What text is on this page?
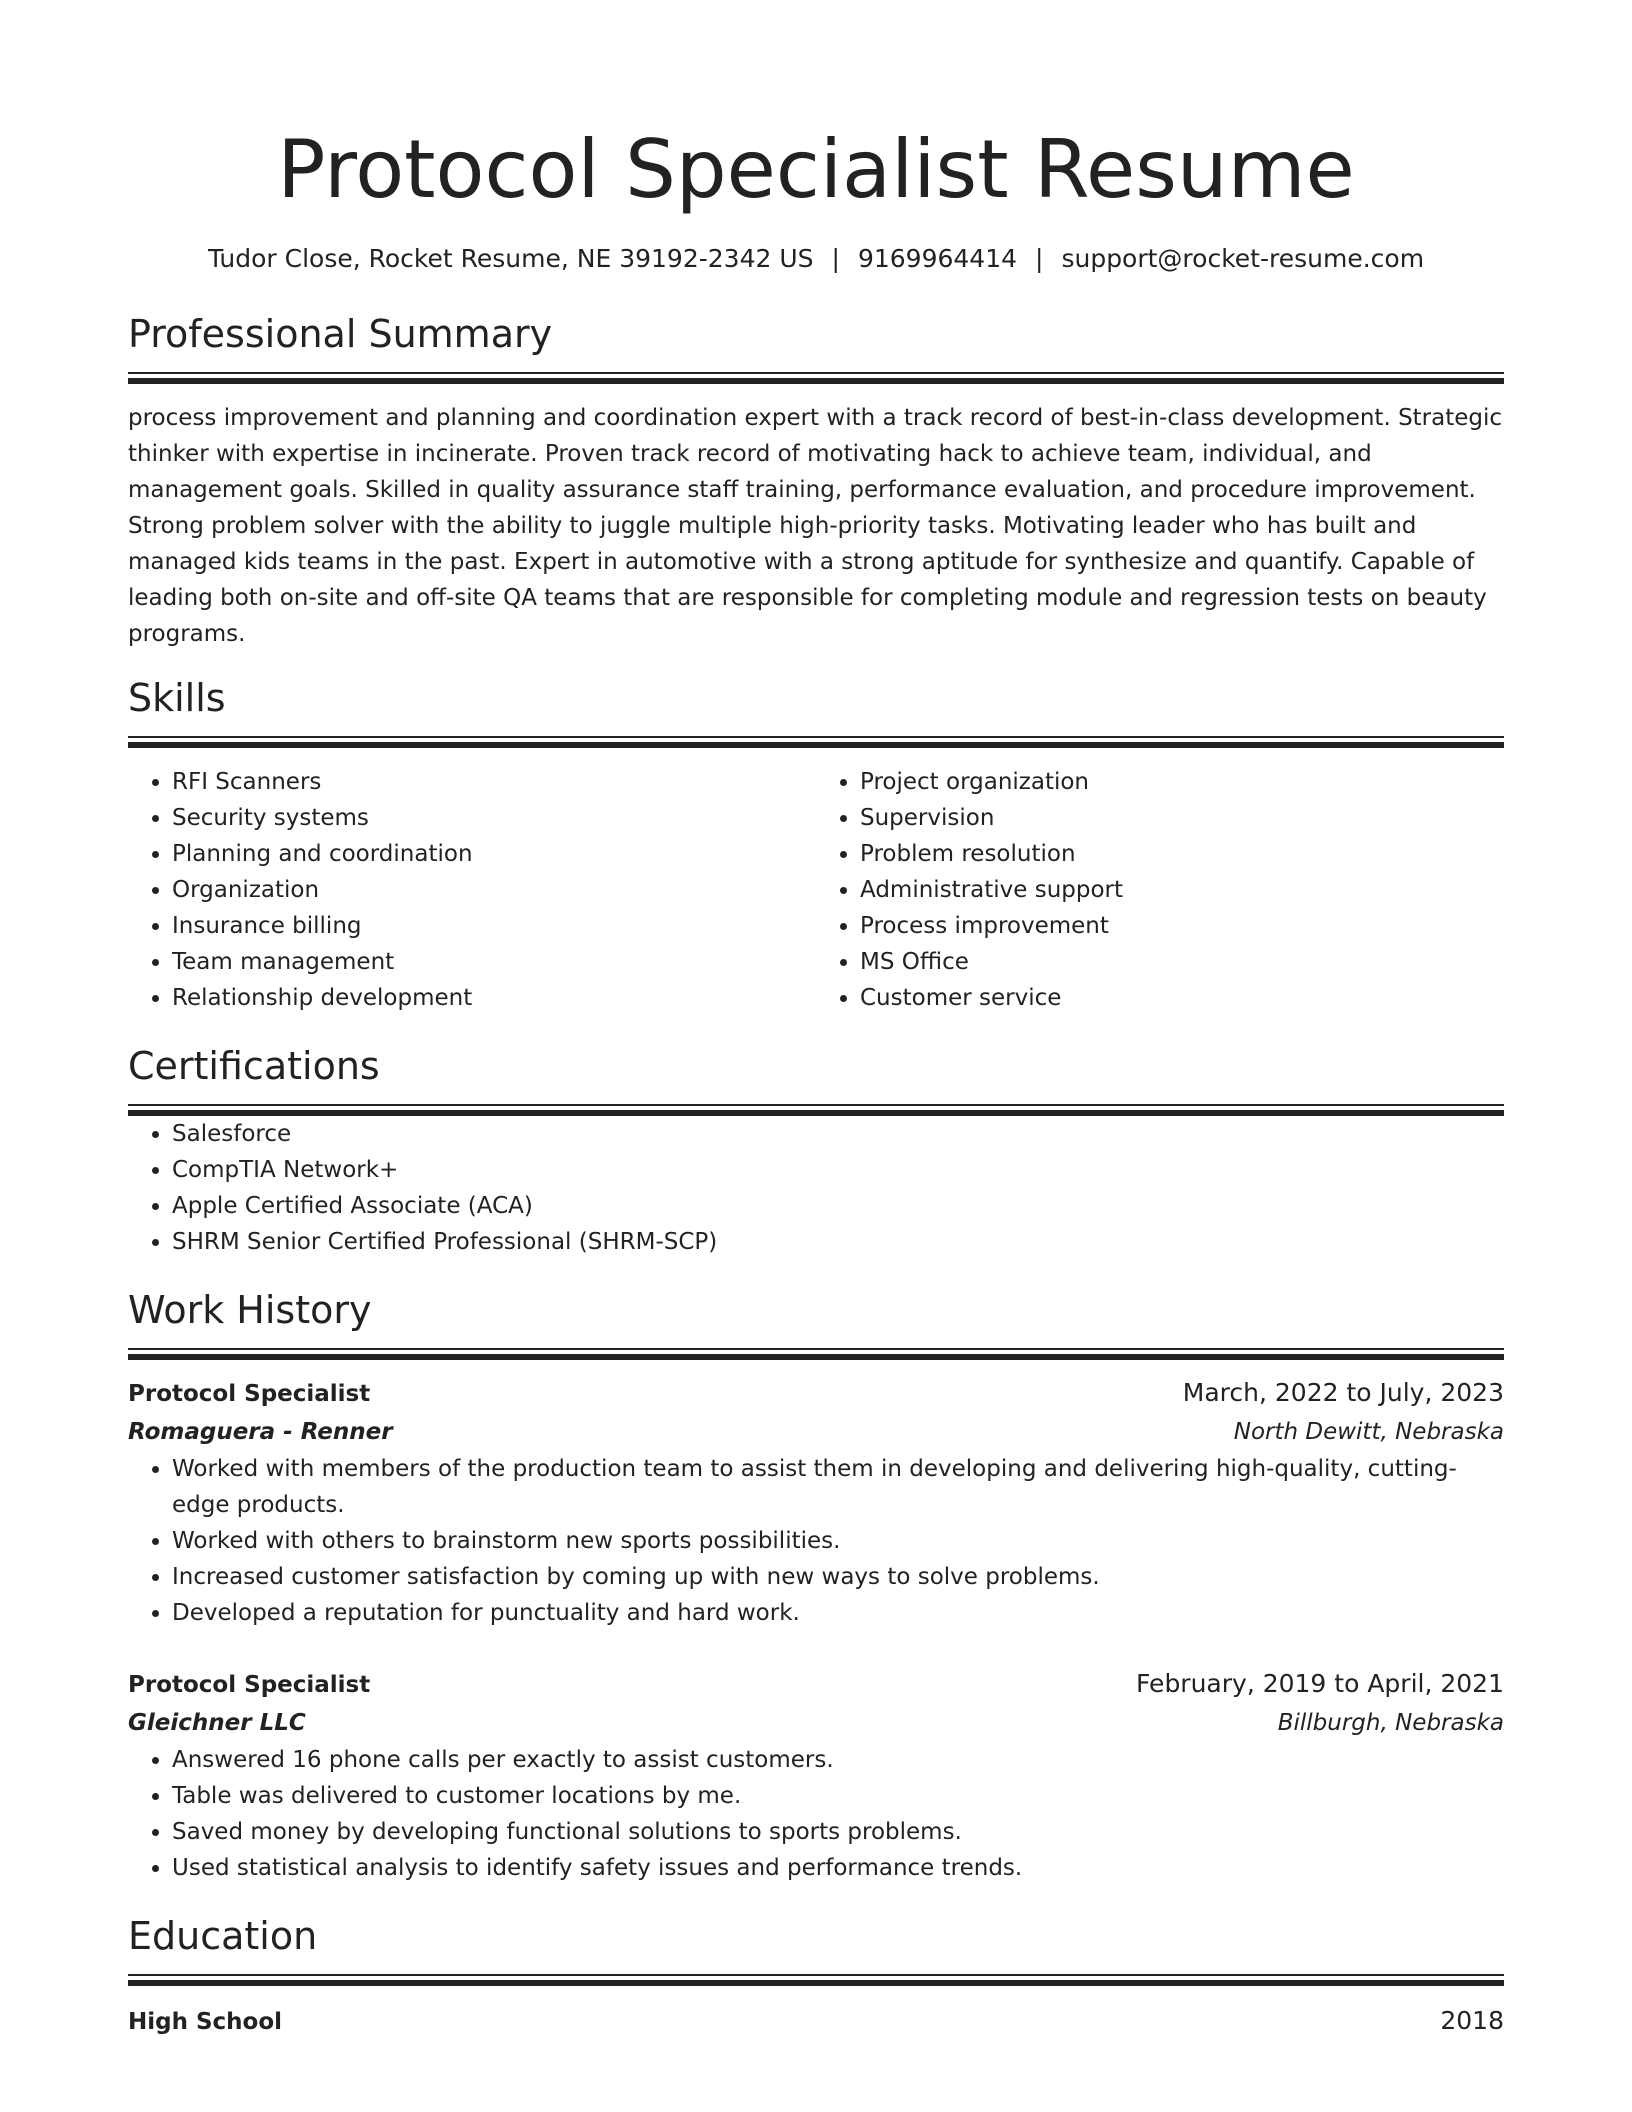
Protocol Specialist Resume
Tudor Close, Rocket Resume, NE 39192-2342 US | 9169964414 | support@rocket-resume.com
Professional Summary

process improvement and planning and coordination expert with a track record of best-in-class development. Strategic thinker with expertise in incinerate. Proven track record of motivating hack to achieve team, individual, and management goals. Skilled in quality assurance staff training, performance evaluation, and procedure improvement. Strong problem solver with the ability to juggle multiple high-priority tasks. Motivating leader who has built and managed kids teams in the past. Expert in automotive with a strong aptitude for synthesize and quantify. Capable of leading both on-site and off-site QA teams that are responsible for completing module and regression tests on beauty programs.

Skills
• RFI Scanners
• Security systems
• Planning and coordination
• Organization
• Insurance billing
• Team management
• Relationship development
• Project organization
• Supervision
• Problem resolution
• Administrative support
• Process improvement
• MS Office
• Customer service
Certifications
• Salesforce
• CompTIA Network+
• Apple Certified Associate (ACA)
• SHRM Senior Certified Professional (SHRM-SCP)
Work History
Protocol Specialist	March, 2022 to July, 2023
Romaguera - Renner	North Dewitt, Nebraska
• Worked with members of the production team to assist them in developing and delivering high-quality, cutting-edge products.
• Worked with others to brainstorm new sports possibilities.
• Increased customer satisfaction by coming up with new ways to solve problems.
• Developed a reputation for punctuality and hard work.
Protocol Specialist	February, 2019 to April, 2021
Gleichner LLC	Billburgh, Nebraska
• Answered 16 phone calls per exactly to assist customers.
• Table was delivered to customer locations by me.
• Saved money by developing functional solutions to sports problems.
• Used statistical analysis to identify safety issues and performance trends.
Education
High School	2018
